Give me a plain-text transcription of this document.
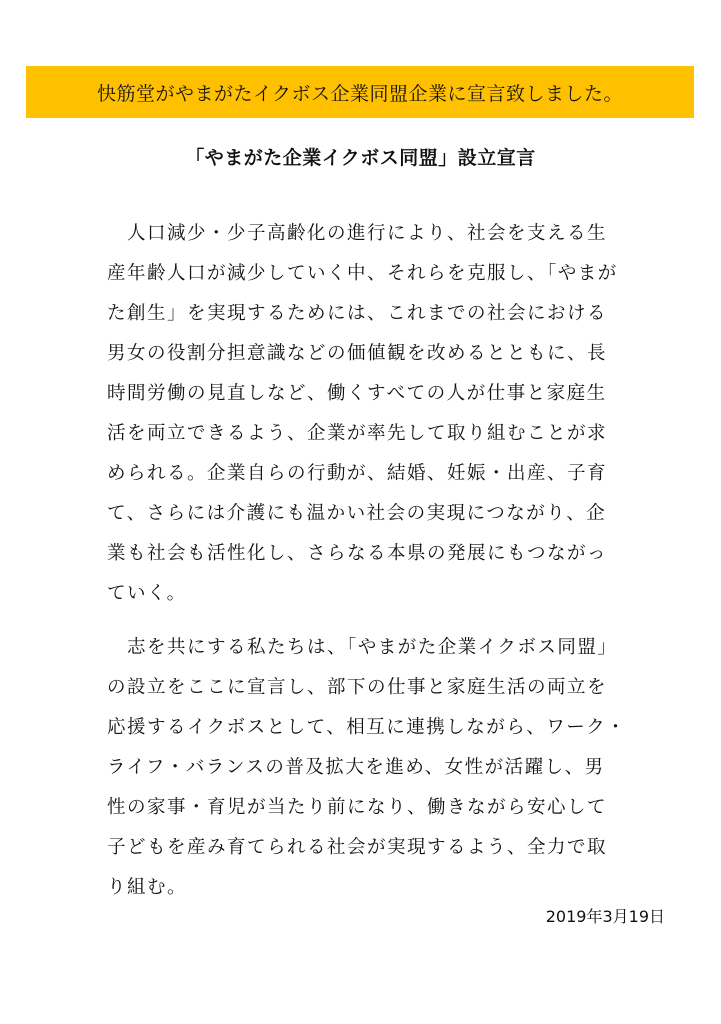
快筋堂がやまがたイクボス企業同盟企業に宣言致しました。
「やまがた企業イクボス同盟」設立宣言

　人口減少・少子高齢化の進行により、社会を支える生
産年齢人口が減少していく中、それらを克服し、「やまが
た創生」を実現するためには、これまでの社会における
男女の役割分担意識などの価値観を改めるとともに、長
時間労働の見直しなど、働くすべての人が仕事と家庭生
活を両立できるよう、企業が率先して取り組むことが求
められる。企業自らの行動が、結婚、妊娠・出産、子育
て、さらには介護にも温かい社会の実現につながり、企
業も社会も活性化し、さらなる本県の発展にもつながっ
ていく。

　志を共にする私たちは、「やまがた企業イクボス同盟」
の設立をここに宣言し、部下の仕事と家庭生活の両立を
応援するイクボスとして、相互に連携しながら、ワーク・
ライフ・バランスの普及拡大を進め、女性が活躍し、男
性の家事・育児が当たり前になり、働きながら安心して
子どもを産み育てられる社会が実現するよう、全力で取
り組む。

2019年3月19日
